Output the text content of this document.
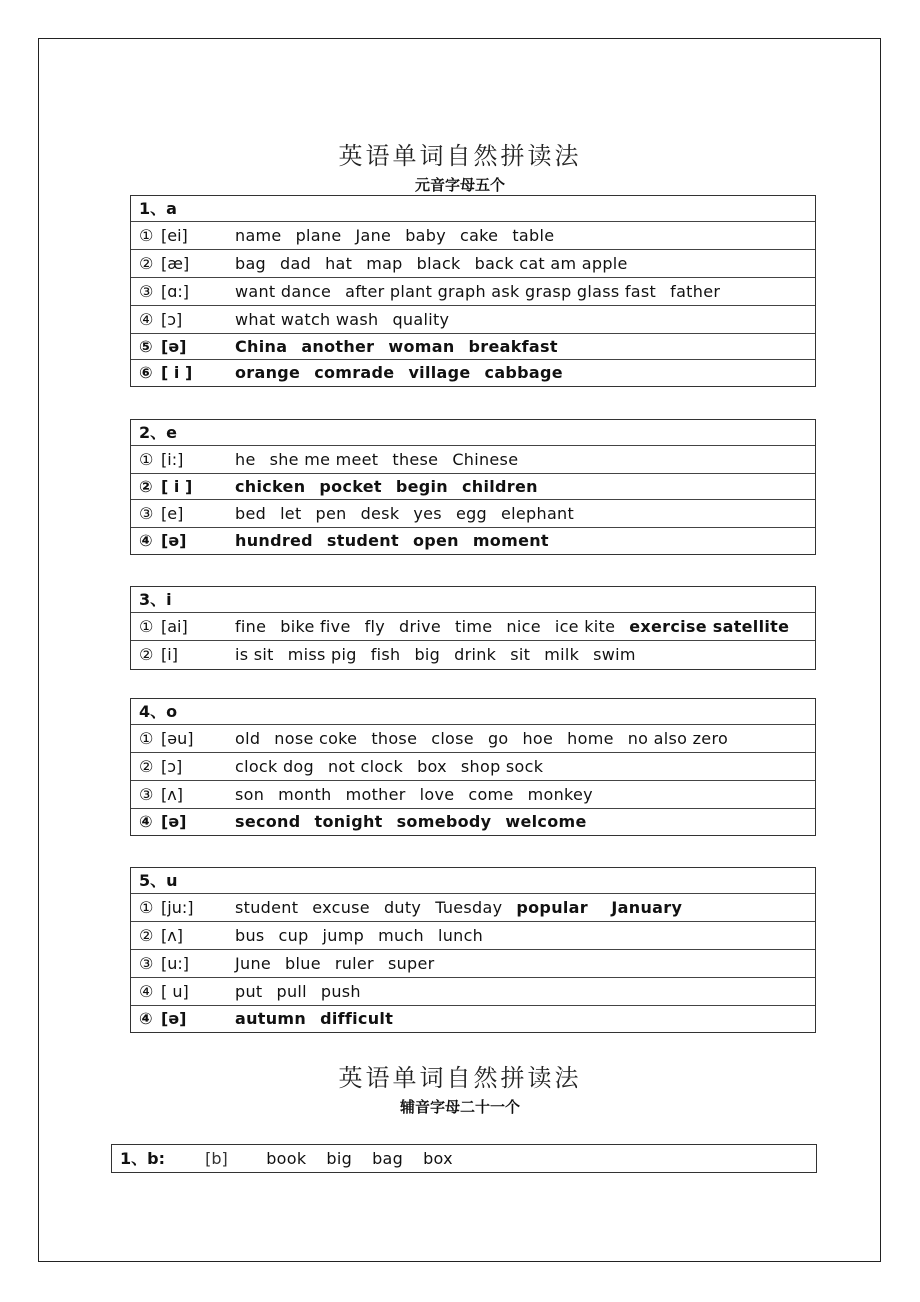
英语单词自然拼读法
元音字母五个
1、a
① [ei]	name plane Jane baby cake table
② [æ]	bag dad hat map black back cat am apple
③ [ɑ:]	want dance after plant graph ask grasp glass fast father
④ [ɔ]	what watch wash quality
⑤ [ə]	China another woman breakfast
⑥ [ i ]	orange comrade village cabbage
2、e
① [i:]	he she me meet these Chinese
② [ i ]	chicken pocket begin children
③ [e]	bed let pen desk yes egg elephant
④ [ə]	hundred student open moment
3、i
① [ai]	fine bike five fly drive time nice ice kite exercise satellite
② [i]	is sit miss pig fish big drink sit milk swim
4、o
① [əu]	old nose coke those close go hoe home no also zero
② [ɔ]	clock dog not clock box shop sock
③ [ʌ]	son month mother love come monkey
④ [ə]	second tonight somebody welcome
5、u
① [ju:]	student excuse duty Tuesday popular    January
② [ʌ]	bus cup jump much lunch
③ [u:]	June blue ruler super
④ [ u]	put pull push
④ [ə]	autumn difficult
英语单词自然拼读法
辅音字母二十一个
1、b:	[b] book big bag box
